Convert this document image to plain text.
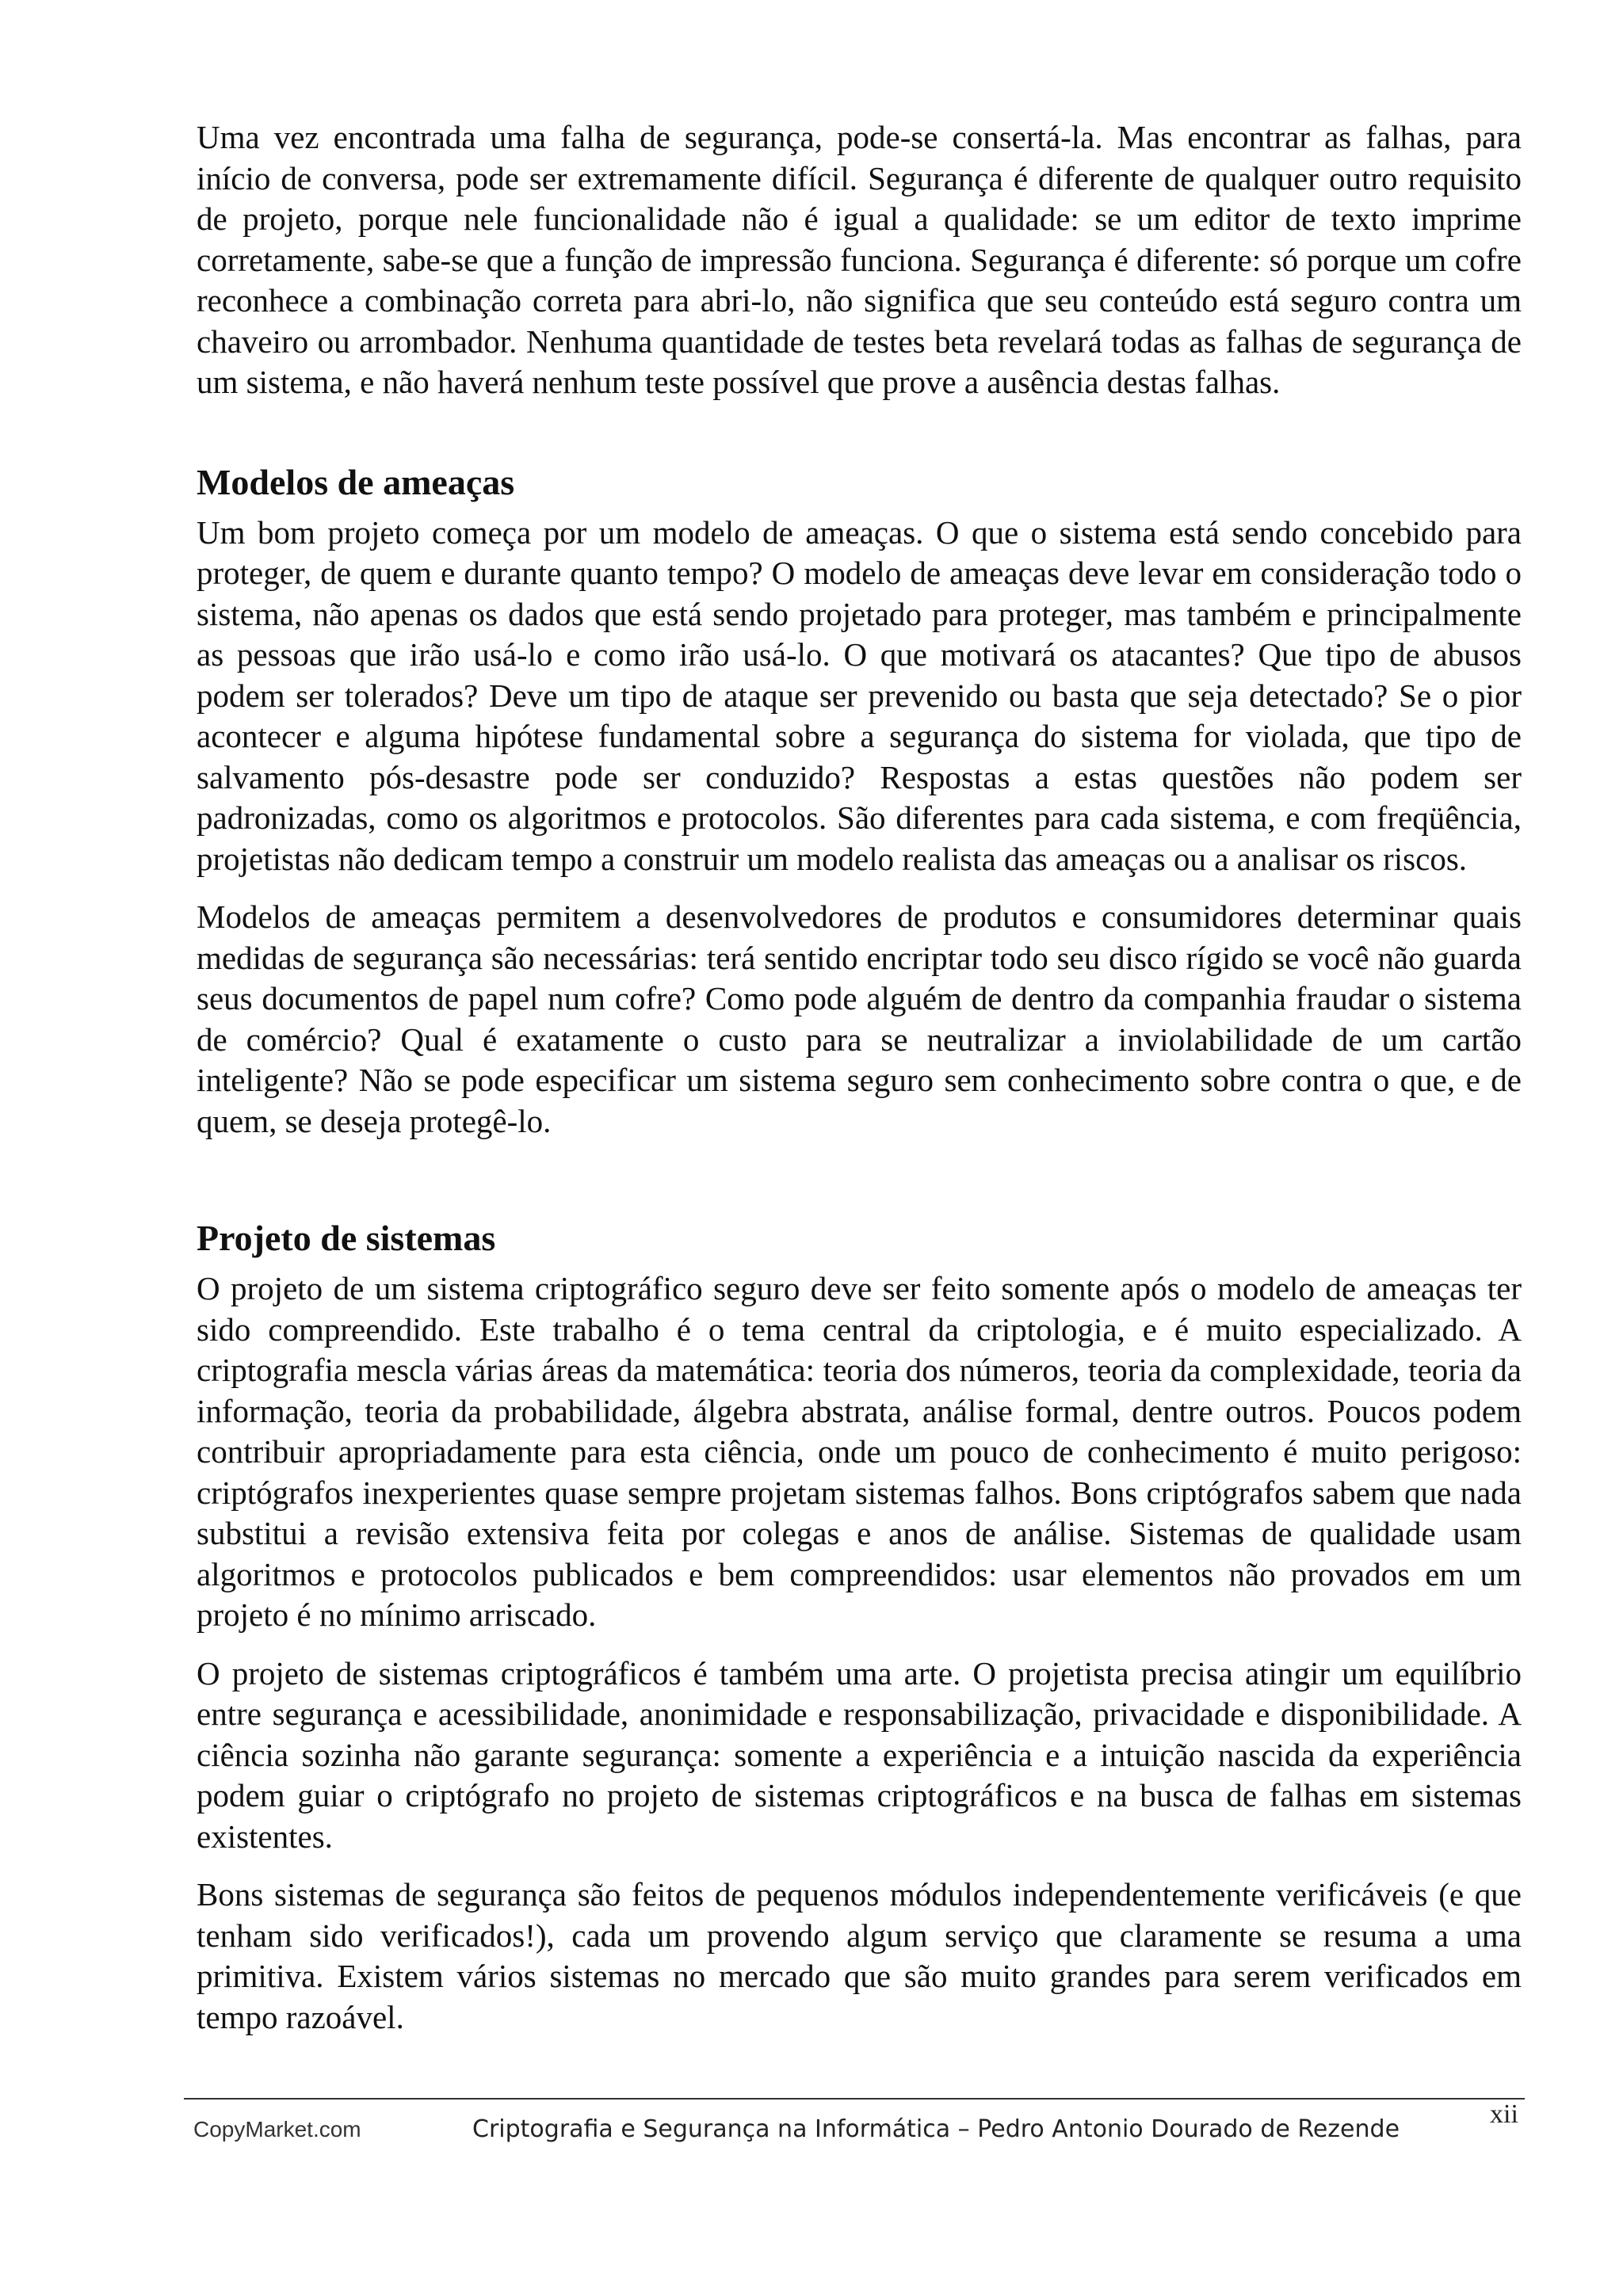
Uma vez encontrada uma falha de segurança, pode-se consertá-la. Mas encontrar as falhas, para início de conversa, pode ser extremamente difícil. Segurança é diferente de qualquer outro requisito de projeto, porque nele funcionalidade não é igual a qualidade: se um editor de texto imprime corretamente, sabe-se que a função de impressão funciona. Segurança é diferente: só porque um cofre reconhece a combinação correta para abri-lo, não significa que seu conteúdo está seguro contra um chaveiro ou arrombador. Nenhuma quantidade de testes beta revelará todas as falhas de segurança de um sistema, e não haverá nenhum teste possível que prove a ausência destas falhas.

Modelos de ameaças

Um bom projeto começa por um modelo de ameaças. O que o sistema está sendo concebido para proteger, de quem e durante quanto tempo? O modelo de ameaças deve levar em consideração todo o sistema, não apenas os dados que está sendo projetado para proteger, mas também e principalmente as pessoas que irão usá-lo e como irão usá-lo. O que motivará os atacantes? Que tipo de abusos podem ser tolerados? Deve um tipo de ataque ser prevenido ou basta que seja detectado? Se o pior acontecer e alguma hipótese fundamental sobre a segurança do sistema for violada, que tipo de salvamento pós-desastre pode ser conduzido? Respostas a estas questões não podem ser padronizadas, como os algoritmos e protocolos. São diferentes para cada sistema, e com freqüência, projetistas não dedicam tempo a construir um modelo realista das ameaças ou a analisar os riscos.

Modelos de ameaças permitem a desenvolvedores de produtos e consumidores determinar quais medidas de segurança são necessárias: terá sentido encriptar todo seu disco rígido se você não guarda seus documentos de papel num cofre? Como pode alguém de dentro da companhia fraudar o sistema de comércio? Qual é exatamente o custo para se neutralizar a inviolabilidade de um cartão inteligente? Não se pode especificar um sistema seguro sem conhecimento sobre contra o que, e de quem, se deseja protegê-lo.

Projeto de sistemas

O projeto de um sistema criptográfico seguro deve ser feito somente após o modelo de ameaças ter sido compreendido. Este trabalho é o tema central da criptologia, e é muito especializado. A criptografia mescla várias áreas da matemática: teoria dos números, teoria da complexidade, teoria da informação, teoria da probabilidade, álgebra abstrata, análise formal, dentre outros. Poucos podem contribuir apropriadamente para esta ciência, onde um pouco de conhecimento é muito perigoso: criptógrafos inexperientes quase sempre projetam sistemas falhos. Bons criptógrafos sabem que nada substitui a revisão extensiva feita por colegas e anos de análise. Sistemas de qualidade usam algoritmos e protocolos publicados e bem compreendidos: usar elementos não provados em um projeto é no mínimo arriscado.

O projeto de sistemas criptográficos é também uma arte. O projetista precisa atingir um equilíbrio entre segurança e acessibilidade, anonimidade e responsabilização, privacidade e disponibilidade. A ciência sozinha não garante segurança: somente a experiência e a intuição nascida da experiência podem guiar o criptógrafo no projeto de sistemas criptográficos e na busca de falhas em sistemas existentes.

Bons sistemas de segurança são feitos de pequenos módulos independentemente verificáveis (e que tenham sido verificados!), cada um provendo algum serviço que claramente se resuma a uma primitiva. Existem vários sistemas no mercado que são muito grandes para serem verificados em tempo razoável.

CopyMarket.com	Criptografia e Segurança na Informática – Pedro Antonio Dourado de Rezende
xii
